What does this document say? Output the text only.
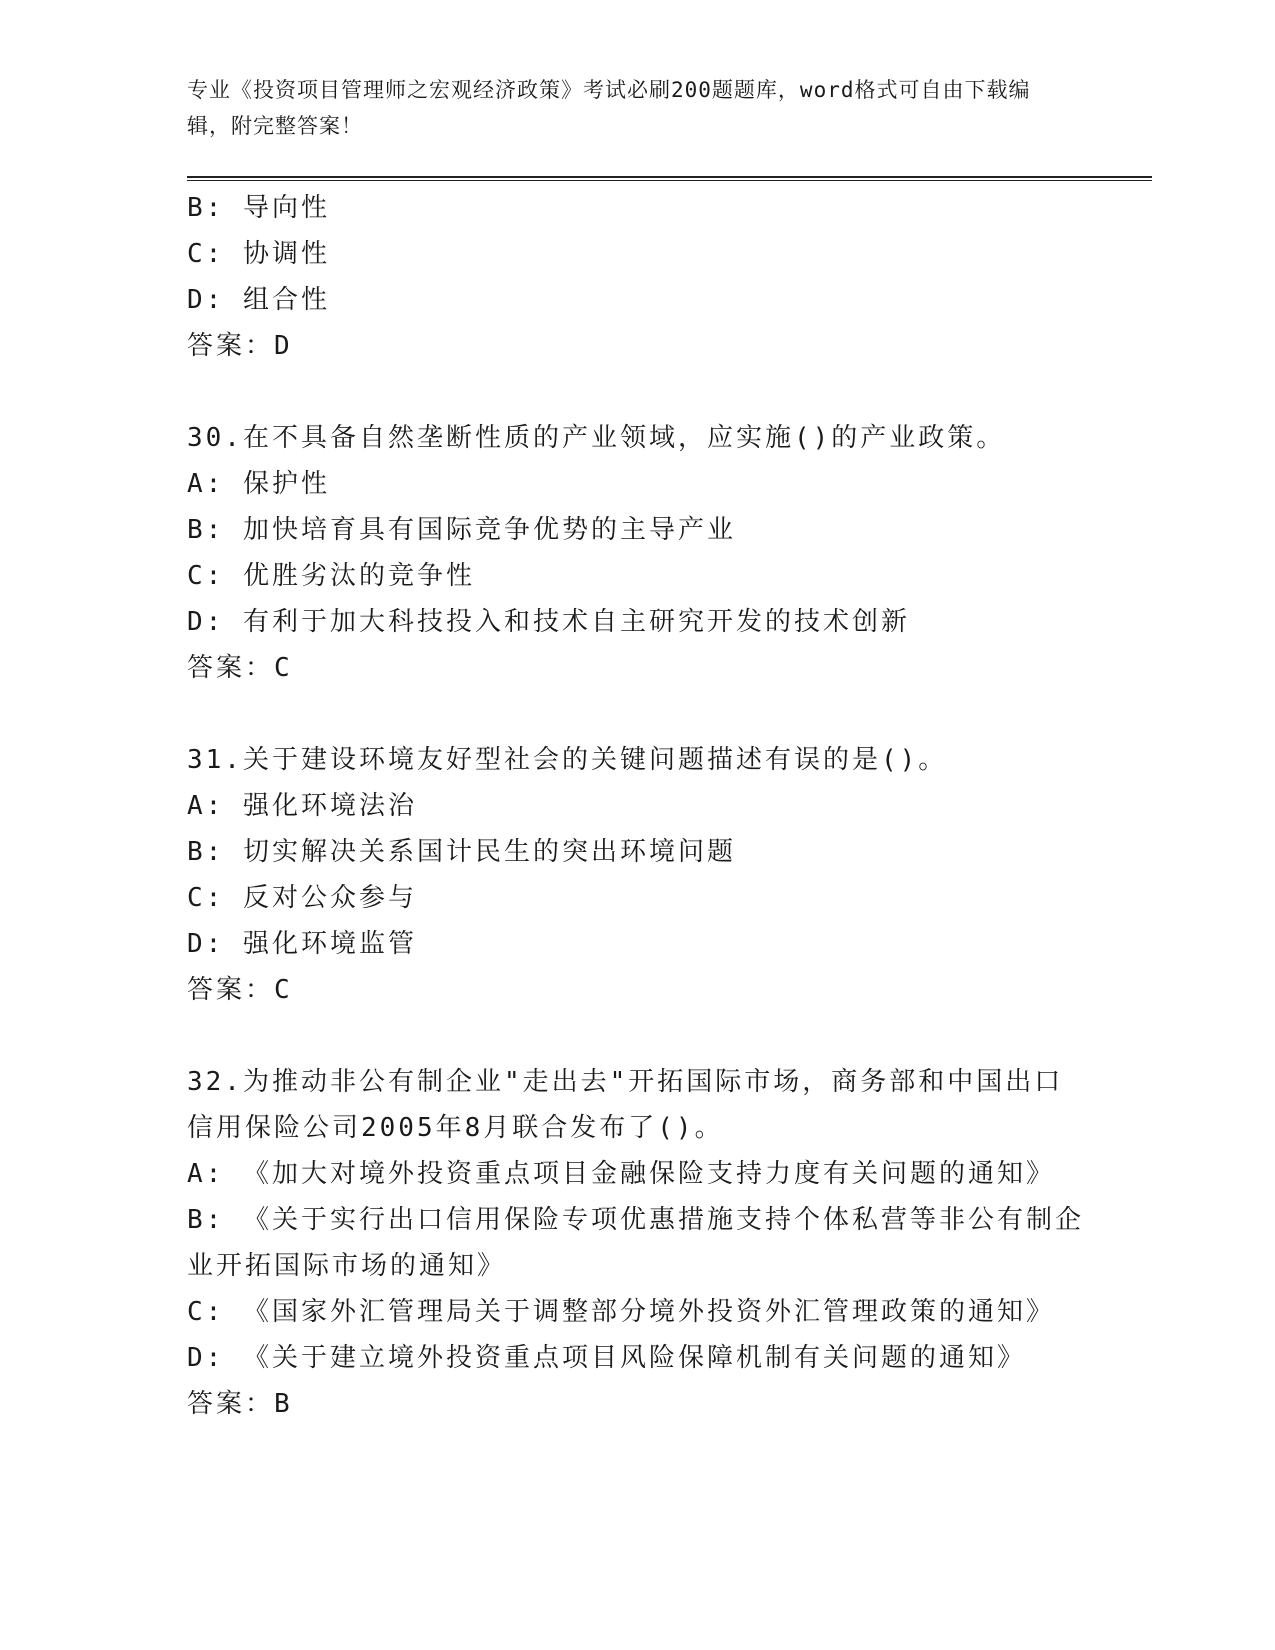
专业《投资项目管理师之宏观经济政策》考试必刷200题题库，word格式可自由下载编辑，附完整答案！
B: 导向性
C: 协调性
D: 组合性
答案：D
30.在不具备自然垄断性质的产业领域，应实施()的产业政策。
A: 保护性
B: 加快培育具有国际竞争优势的主导产业
C: 优胜劣汰的竞争性
D: 有利于加大科技投入和技术自主研究开发的技术创新
答案：C
31.关于建设环境友好型社会的关键问题描述有误的是()。
A: 强化环境法治
B: 切实解决关系国计民生的突出环境问题
C: 反对公众参与
D: 强化环境监管
答案：C
32.为推动非公有制企业"走出去"开拓国际市场，商务部和中国出口信用保险公司2005年8月联合发布了()。
A: 《加大对境外投资重点项目金融保险支持力度有关问题的通知》
B: 《关于实行出口信用保险专项优惠措施支持个体私营等非公有制企业开拓国际市场的通知》
C: 《国家外汇管理局关于调整部分境外投资外汇管理政策的通知》
D: 《关于建立境外投资重点项目风险保障机制有关问题的通知》
答案：B
